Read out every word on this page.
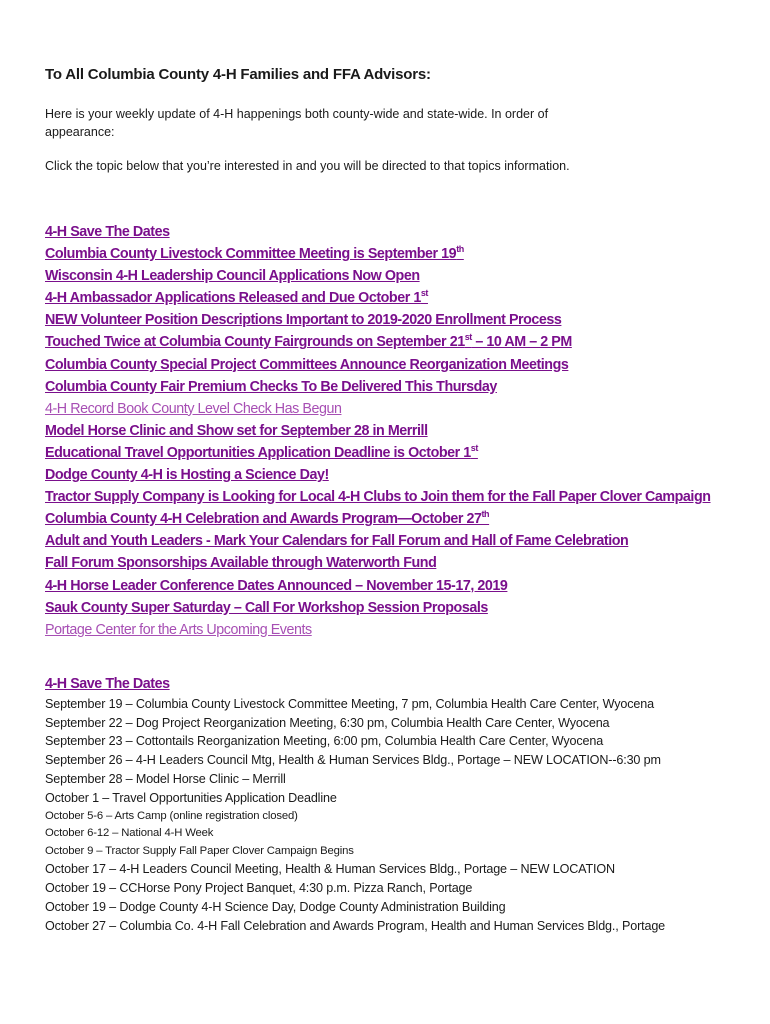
To All Columbia County 4-H Families and FFA Advisors:

Here is your weekly update of 4-H happenings both county-wide and state-wide. In order of appearance:

Click the topic below that you’re interested in and you will be directed to that topics information.

4-H Save The Dates
Columbia County Livestock Committee Meeting is September 19th
Wisconsin 4-H Leadership Council Applications Now Open
4-H Ambassador Applications Released and Due October 1st
NEW Volunteer Position Descriptions Important to 2019-2020 Enrollment Process
Touched Twice at Columbia County Fairgrounds on September 21st – 10 AM – 2 PM
Columbia County Special Project Committees Announce Reorganization Meetings
Columbia County Fair Premium Checks To Be Delivered This Thursday
4-H Record Book County Level Check Has Begun
Model Horse Clinic and Show set for September 28 in Merrill
Educational Travel Opportunities Application Deadline is October 1st
Dodge County 4-H is Hosting a Science Day!
Tractor Supply Company is Looking for Local 4-H Clubs to Join them for the Fall Paper Clover Campaign
Columbia County 4-H Celebration and Awards Program—October 27th
Adult and Youth Leaders - Mark Your Calendars for Fall Forum and Hall of Fame Celebration
Fall Forum Sponsorships Available through Waterworth Fund
4-H Horse Leader Conference Dates Announced – November 15-17, 2019
Sauk County Super Saturday – Call For Workshop Session Proposals
Portage Center for the Arts Upcoming Events

4-H Save The Dates

September 19 – Columbia County Livestock Committee Meeting, 7 pm, Columbia Health Care Center, Wyocena
September 22 – Dog Project Reorganization Meeting, 6:30 pm, Columbia Health Care Center, Wyocena
September 23 – Cottontails Reorganization Meeting, 6:00 pm, Columbia Health Care Center, Wyocena
September 26 – 4-H Leaders Council Mtg, Health & Human Services Bldg., Portage – NEW LOCATION--6:30 pm
September 28 – Model Horse Clinic – Merrill
October 1 – Travel Opportunities Application Deadline
October 5-6 – Arts Camp (online registration closed)
October 6-12 – National 4-H Week
October 9 – Tractor Supply Fall Paper Clover Campaign Begins
October 17 – 4-H Leaders Council Meeting, Health & Human Services Bldg., Portage – NEW LOCATION
October 19 – CCHorse Pony Project Banquet, 4:30 p.m. Pizza Ranch, Portage
October 19 – Dodge County 4-H Science Day, Dodge County Administration Building
October 27 – Columbia Co. 4-H Fall Celebration and Awards Program, Health and Human Services Bldg., Portage
